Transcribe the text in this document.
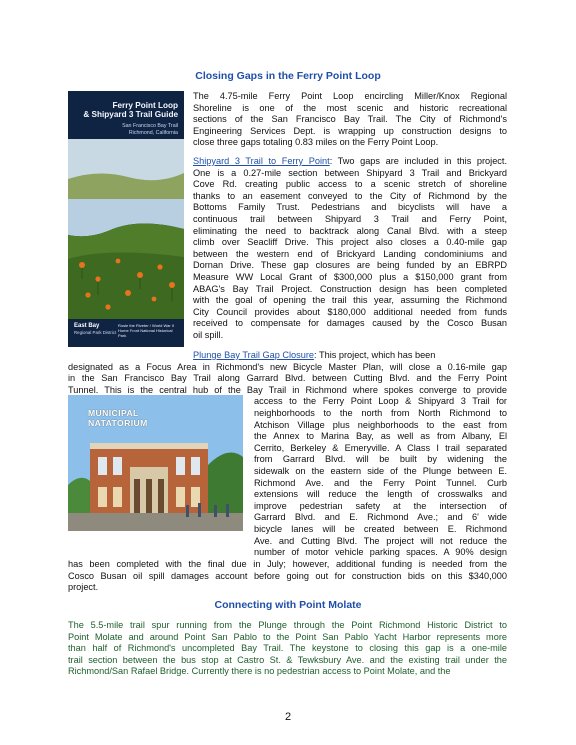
Closing Gaps in the Ferry Point Loop
Ferry Point Loop
& Shipyard 3 Trail Guide
San Francisco Bay Trail
Richmond, California
East Bay
Regional Park District
Rosie the Riveter / World War II Home Front National Historical Park
The 4.75-mile Ferry Point Loop encircling Miller/Knox Regional
Shoreline is one of the most scenic and historic recreational
sections of the San Francisco Bay Trail. The City of Richmond's
Engineering Services Dept. is wrapping up construction designs to
close three gaps totaling 0.83 miles on the Ferry Point Loop.
Shipyard 3 Trail to Ferry Point: Two gaps are included in this project.
One is a 0.27-mile section between Shipyard 3 Trail and Brickyard
Cove Rd. creating public access to a scenic stretch of shoreline
thanks to an easement conveyed to the City of Richmond by the
Bottoms Family Trust. Pedestrians and bicyclists will have a
continuous trail between Shipyard 3 Trail and Ferry Point,
eliminating the need to backtrack along Canal Blvd. with a steep
climb over Seacliff Drive. This project also closes a 0.40-mile gap
between the western end of Brickyard Landing condominiums and
Dornan Drive. These gap closures are being funded by an EBRPD
Measure WW Local Grant of $300,000 plus a $150,000 grant from
ABAG's Bay Trail Project. Construction design has been completed
with the goal of opening the trail this year, assuming the Richmond
City Council provides about $180,000 additional needed from funds
received to compensate for damages caused by the Cosco Busan
oil spill.
Plunge Bay Trail Gap Closure: This project, which has been
designated as a Focus Area in Richmond's new Bicycle Master Plan, will close a 0.16-mile gap
in the San Francisco Bay Trail along Garrard Blvd. between Cutting Blvd. and the Ferry Point
Tunnel. This is the central hub of the Bay Trail in Richmond where spokes converge to provide
MUNICIPAL
NATATORIUM
access to the Ferry Point Loop & Shipyard 3 Trail for
neighborhoods to the north from North Richmond to
Atchison Village plus neighborhoods to the east from
the Annex to Marina Bay, as well as from Albany, El
Cerrito, Berkeley & Emeryville. A Class I trail separated
from Garrard Blvd. will be built by widening the
sidewalk on the eastern side of the Plunge between E.
Richmond Ave. and the Ferry Point Tunnel. Curb
extensions will reduce the length of crosswalks and
improve pedestrian safety at the intersection of
Garrard Blvd. and E. Richmond Ave.; and 6' wide
bicycle lanes will be created between E. Richmond
Ave. and Cutting Blvd. The project will not reduce the
number of motor vehicle parking spaces. A 90% design
has been completed with the final due in July; however, additional funding is needed from the
Cosco Busan oil spill damages account before going out for construction bids on this $340,000
project.
Connecting with Point Molate
The 5.5-mile trail spur running from the Plunge through the Point Richmond Historic District to
Point Molate and around Point San Pablo to the Point San Pablo Yacht Harbor represents more
than half of Richmond's uncompleted Bay Trail. The keystone to closing this gap is a one-mile
trail section between the bus stop at Castro St. & Tewksbury Ave. and the existing trail under the
Richmond/San Rafael Bridge. Currently there is no pedestrian access to Point Molate, and the
2
